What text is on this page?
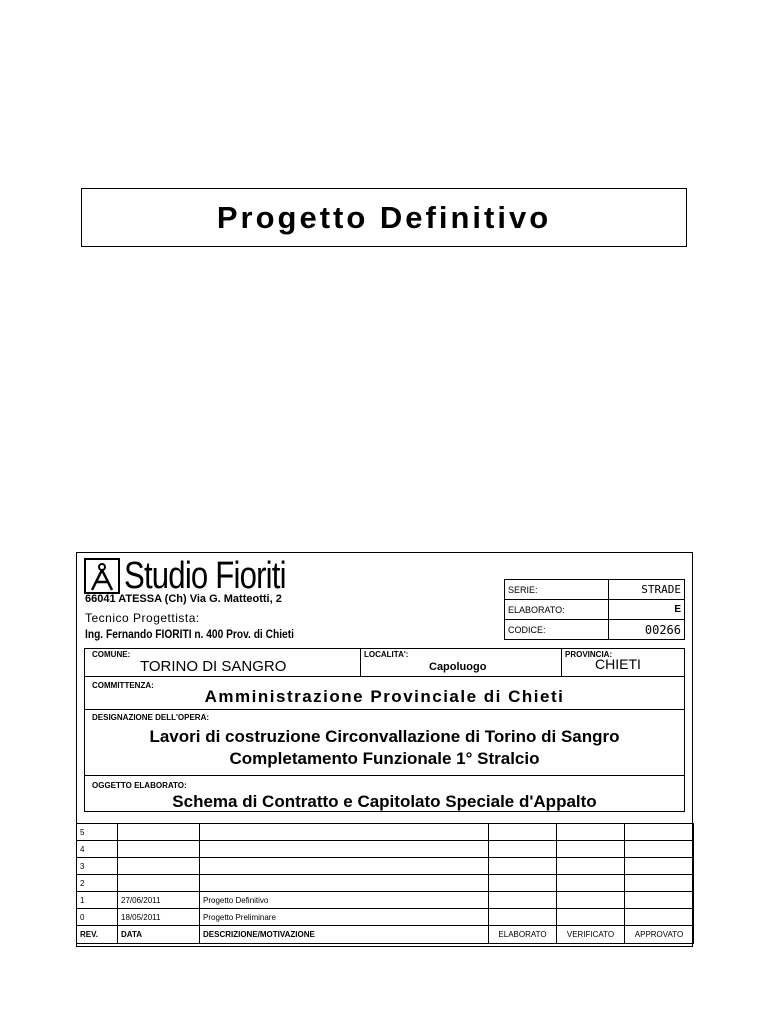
Progetto Definitivo
Studio Fioriti
66041 ATESSA (Ch) Via G. Matteotti, 2
Tecnico Progettista:
Ing. Fernando FIORITI n. 400 Prov. di Chieti
SERIE:	STRADE
ELABORATO:	E
CODICE:	00266
COMUNE:
TORINO DI SANGRO
LOCALITA':
Capoluogo
PROVINCIA:
CHIETI
COMMITTENZA:
Amministrazione Provinciale di Chieti
DESIGNAZIONE DELL'OPERA:
Lavori di costruzione Circonvallazione di Torino di Sangro
Completamento Funzionale 1° Stralcio
OGGETTO ELABORATO:
Schema di Contratto e Capitolato Speciale d'Appalto
5					
4					
3					
2					
1	27/06/2011	Progetto Definitivo			
0	18/05/2011	Progetto Preliminare			
REV.	DATA	DESCRIZIONE/MOTIVAZIONE	ELABORATO	VERIFICATO	APPROVATO
